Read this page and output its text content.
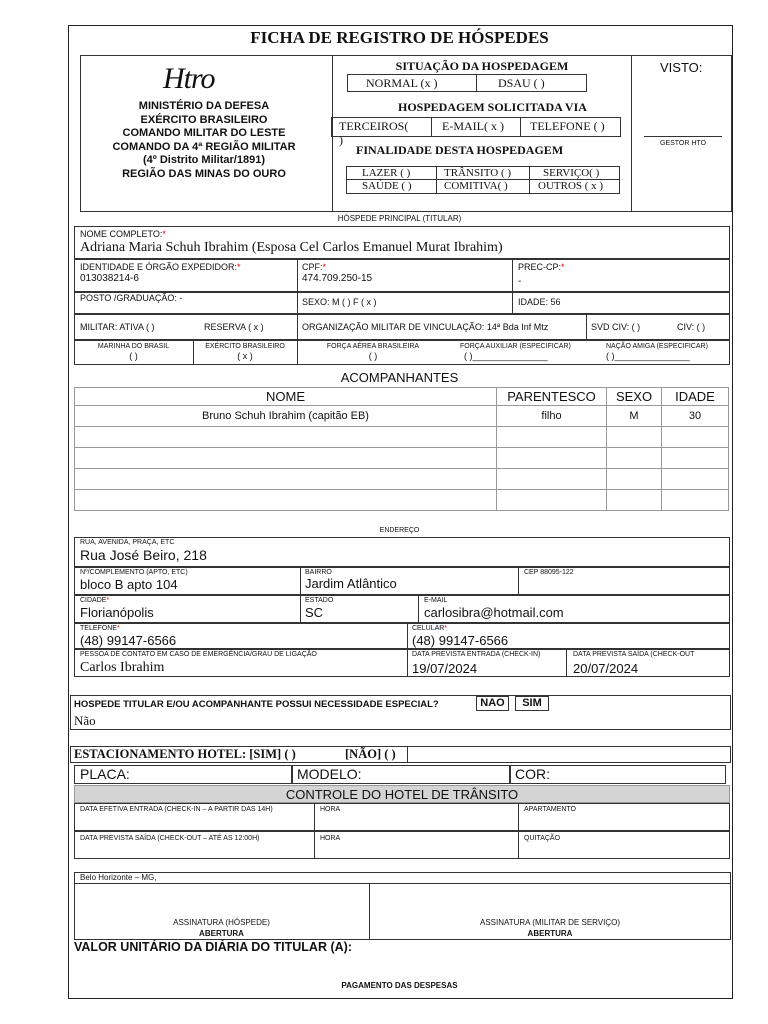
FICHA DE REGISTRO DE HÓSPEDES
Htro
MINISTÉRIO DA DEFESA
EXÉRCITO BRASILEIRO
COMANDO MILITAR DO LESTE
COMANDO DA 4ª REGIÃO MILITAR
(4º Distrito Militar/1891)
REGIÃO DAS MINAS DO OURO
SITUAÇÃO DA HOSPEDAGEM
NORMAL (x )	DSAU ( )
HOSPEDAGEM SOLICITADA VIA
TERCEIROS(
)
E-MAIL( x ) TELEFONE ( )
FINALIDADE DESTA HOSPEDAGEM
LAZER ( )	TRÂNSITO ( )	SERVIÇO( )
SAÚDE ( )	COMITIVA( )	OUTROS ( x )
VISTO:
GESTOR HTO
HÓSPEDE PRINCIPAL (TITULAR)
NOME COMPLETO:*
Adriana Maria Schuh Ibrahim (Esposa Cel Carlos Emanuel Murat Ibrahim)
IDENTIDADE E ÓRGÃO EXPEDIDOR:*
013038214-6
CPF:*
474.709.250-15
PREC-CP:*
-
POSTO /GRADUAÇÃO: -	SEXO: M ( ) F ( x )	IDADE: 56
MILITAR: ATIVA ( )	RESERVA ( x )	ORGANIZAÇÃO MILITAR DE VINCULAÇÃO: 14ª Bda Inf Mtz	SVD CIV: ( )	CIV: ( )
MARINHA DO BRASIL
( )
EXÉRCITO BRASILEIRO
( x )
FORÇA AÉREA BRASILEIRA
( )
FORÇA AUXILIAR (ESPECIFICAR)
( )_______________
NAÇÃO AMIGA (ESPECIFICAR)
( )_______________
ACOMPANHANTES
NOME	PARENTESCO	SEXO	IDADE
Bruno Schuh Ibrahim (capitão EB)	filho	M	30

ENDEREÇO
RUA, AVENIDA, PRAÇA, ETC
Rua José Beiro, 218
Nº/COMPLEMENTO (APTO, ETC)
bloco B apto 104
BAIRRO
Jardim Atlântico
CEP 88095-122
CIDADE*
Florianópolis
ESTADO
SC
E-MAIL
carlosibra@hotmail.com
TELEFONE*
(48) 99147-6566
CELULAR*
(48) 99147-6566
PESSOA DE CONTATO EM CASO DE EMERGÊNCIA/GRAU DE LIGAÇÃO
Carlos Ibrahim
DATA PREVISTA ENTRADA (CHECK-IN)
19/07/2024
DATA PREVISTA SAÍDA (CHECK-OUT
20/07/2024
HOSPEDE TITULAR E/OU ACOMPANHANTE POSSUI NECESSIDADE ESPECIAL?	NAO	SIM
Não
ESTACIONAMENTO HOTEL: [SIM] ( )	[NÃO] ( )
PLACA:	MODELO:	COR:
CONTROLE DO HOTEL DE TRÂNSITO
DATA EFETIVA ENTRADA (CHECK-IN – A PARTIR DAS 14H)	HORA	APARTAMENTO
DATA PREVISTA SAÍDA (CHECK-OUT – ATÉ AS 12:00H)	HORA	QUITAÇÃO
Belo Horizonte – MG,
ASSINATURA (HÓSPEDE)
ABERTURA
ASSINATURA (MILITAR DE SERVIÇO)
ABERTURA
VALOR UNITÁRIO DA DIÁRIA DO TITULAR (A):
PAGAMENTO DAS DESPESAS
